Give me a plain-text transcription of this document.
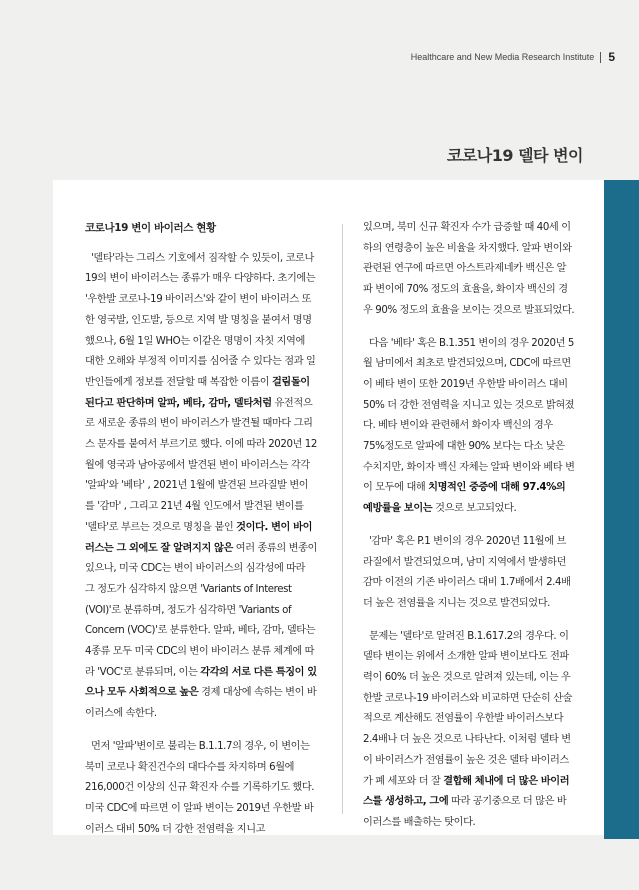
Healthcare and New Media Research Institute 5
코로나19 델타 변이
코로나19 변이 바이러스 현황

'델타'라는 그리스 기호에서 짐작할 수 있듯이, 코로나19의 변이 바이러스는 종류가 매우 다양하다. 초기에는 '우한발 코로나-19 바이러스'와 같이 변이 바이러스 또한 영국발, 인도발, 등으로 지역 발 명칭을 붙여서 명명했으나, 6월 1일 WHO는 이같은 명명이 자칫 지역에 대한 오해와 부정적 이미지를 심어줄 수 있다는 점과 일반인들에게 정보를 전달할 때 복잡한 이름이 걸림돌이 된다고 판단하며 알파, 베타, 감마, 델타처럼 유전적으로 새로운 종류의 변이 바이러스가 발견될 때마다 그리스 문자를 붙여서 부르기로 했다. 이에 따라 2020년 12월에 영국과 남아공에서 발견된 변이 바이러스는 각각 '알파'와 '베타' , 2021년 1월에 발견된 브라질발 변이를 '감마' , 그리고 21년 4월 인도에서 발견된 변이를 '델타'로 부르는 것으로 명칭을 붙인 것이다. 변이 바이러스는 그 외에도 잘 알려지지 않은 여러 종류의 변종이 있으나, 미국 CDC는 변이 바이러스의 심각성에 따라 그 정도가 심각하지 않으면 'Variants of Interest (VOI)'로 분류하며, 정도가 심각하면 'Variants of Concern (VOC)'로 분류한다. 알파, 베타, 감마, 델타는 4종류 모두 미국 CDC의 변이 바이러스 분류 체계에 따라 'VOC'로 분류되며, 이는 각각의 서로 다른 특징이 있으나 모두 사회적으로 높은 경제 대상에 속하는 변이 바이러스에 속한다.

먼저 '알파'변이로 불리는 B.1.1.7의 경우, 이 변이는 북미 코로나 확진건수의 대다수를 차지하며 6월에 216,000건 이상의 신규 확진자 수를 기록하기도 했다. 미국 CDC에 따르면 이 알파 변이는 2019년 우한발 바이러스 대비 50% 더 강한 전염력을 지니고

있으며, 북미 신규 확진자 수가 급증할 때 40세 이하의 연령층이 높은 비율을 차지했다. 알파 변이와 관련된 연구에 따르면 아스트라제네카 백신은 알파 변이에 70% 정도의 효율을, 화이자 백신의 경우 90% 정도의 효율을 보이는 것으로 발표되었다.

다음 '베타' 혹은 B.1.351 변이의 경우 2020년 5월 남미에서 최초로 발견되었으며, CDC에 따르면 이 베타 변이 또한 2019년 우한발 바이러스 대비 50% 더 강한 전염력을 지니고 있는 것으로 밝혀졌다. 베타 변이와 관련해서 화이자 백신의 경우 75%정도로 알파에 대한 90% 보다는 다소 낮은 수치지만, 화이자 백신 자체는 알파 변이와 베타 변이 모두에 대해 치명적인 중증에 대해 97.4%의 예방률을 보이는 것으로 보고되었다.

'감마' 혹은 P.1 변이의 경우 2020년 11월에 브라질에서 발견되었으며, 남미 지역에서 발생하던 감마 이전의 기존 바이러스 대비 1.7배에서 2.4배 더 높은 전염률을 지니는 것으로 발견되었다.

문제는 '델타'로 알려진 B.1.617.2의 경우다. 이 델타 변이는 위에서 소개한 알파 변이보다도 전파력이 60% 더 높은 것으로 알려져 있는데, 이는 우한발 코로나-19 바이러스와 비교하면 단순히 산술적으로 계산해도 전염률이 우한발 바이러스보다 2.4배나 더 높은 것으로 나타난다. 이처럼 델타 변이 바이러스가 전염률이 높은 것은 델타 바이러스가 폐 세포와 더 잘 결합해 체내에 더 많은 바이러스를 생성하고, 그에 따라 공기중으로 더 많은 바이러스를 배출하는 탓이다.
